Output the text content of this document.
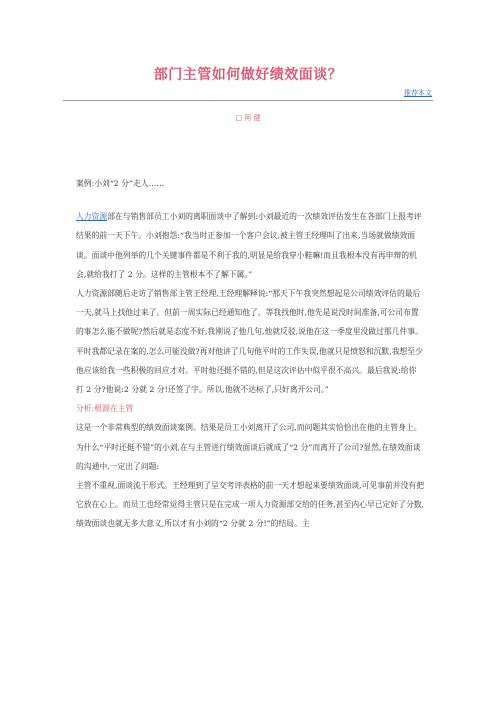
部门主管如何做好绩效面谈？
推荐本文
□ 阿 健

案例:小刘“2 分”走人……

人力资源部在与销售部员工小刘的离职面谈中了解到:小刘最近的一次绩效评估发生在各部门上报考评结果的前一天下午。小刘抱怨:“我当时正参加一个客户会议,被主管王经理叫了出来,当场就做绩效面谈。面谈中他列举的几个关键事件都是不利于我的,明显是给我穿小鞋嘛!而且我根本没有再申辩的机会,就给我打了 2 分。这样的主管根本不了解下属。”

人力资源部随后走访了销售部主管王经理,王经理解释说:“那天下午我突然想起是公司绩效评估的最后一天,就马上找他过来了。但前一周实际已经通知他了。等我找他时,他先是说没时间准备,可公司布置的事怎么能不做呢?然后就是态度不好,我刚说了他几句,他就反驳,说他在这一季度里没做过那几件事。平时我都记录在案的,怎么可能没做?再对他讲了几句他平时的工作失误,他就只是愤怒和沉默,我想至少他应该给我一些积极的回应才对。平时他还挺不错的,但是这次评估中似乎很不高兴。最后我说:给你打 2 分?他说:2 分就 2 分!还签了字。所以,他就不达标了,只好离开公司。”

分析:根源在主管

这是一个非常典型的绩效面谈案例。结果是员工小刘离开了公司,而问题其实恰恰出在他的主管身上。为什么“平时还挺不错”的小刘,在与主管进行绩效面谈后就成了“2 分”而离开了公司?显然,在绩效面谈的沟通中,一定出了问题:

主管不重视,面谈流于形式。王经理到了呈交考评表格的前一天才想起来要绩效面谈,可见事前并没有把它放在心上。而员工也经常觉得主管只是在完成一项人力资源部交给的任务,甚至内心早已定好了分数,绩效面谈也就无多大意义,所以才有小刘的“2 分就 2 分!”的结局。主
